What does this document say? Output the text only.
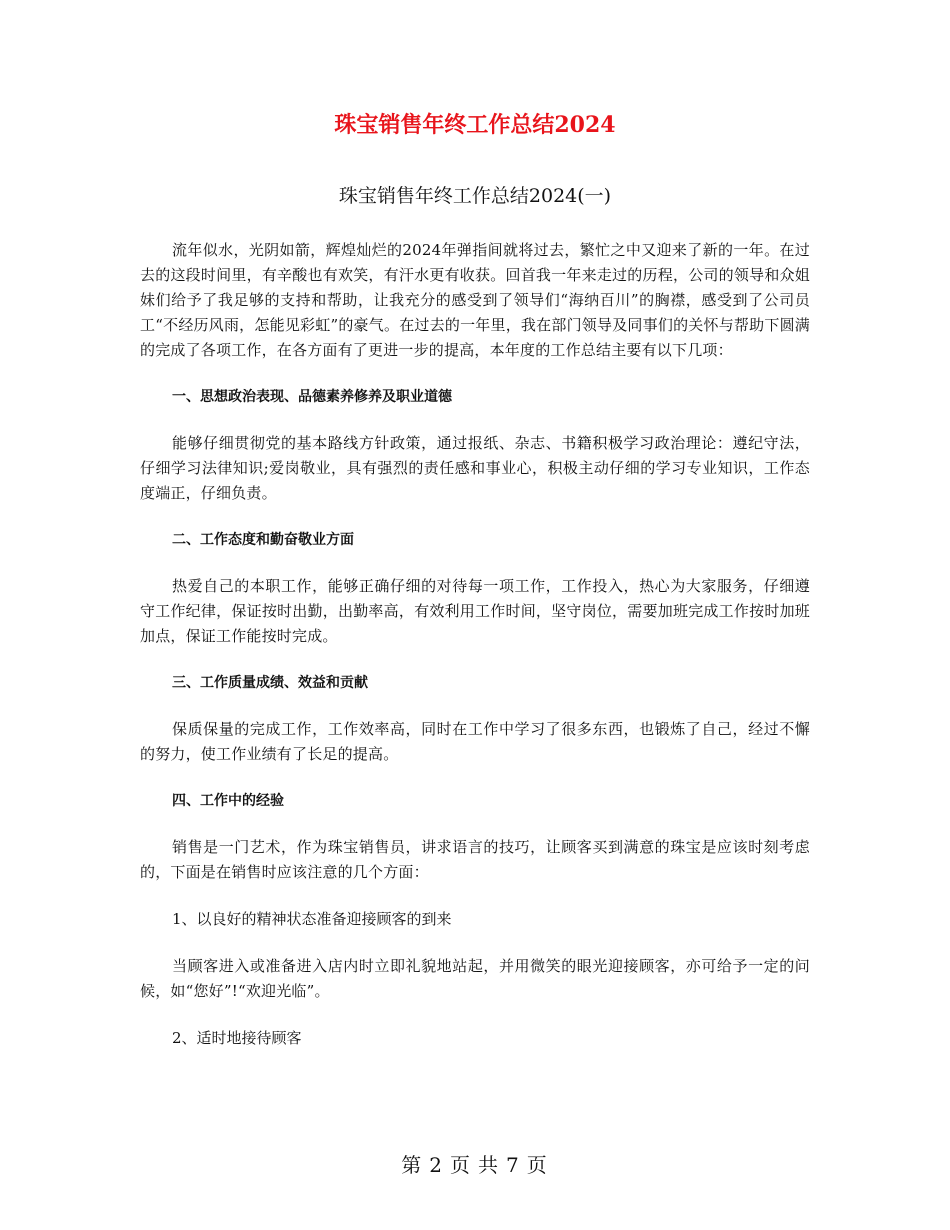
珠宝销售年终工作总结2024
珠宝销售年终工作总结2024(一)

流年似水，光阴如箭，辉煌灿烂的2024年弹指间就将过去，繁忙之中又迎来了新的一年。在过去的这段时间里，有辛酸也有欢笑，有汗水更有收获。回首我一年来走过的历程，公司的领导和众姐妹们给予了我足够的支持和帮助，让我充分的感受到了领导们“海纳百川”的胸襟，感受到了公司员工“不经历风雨，怎能见彩虹”的豪气。在过去的一年里，我在部门领导及同事们的关怀与帮助下圆满的完成了各项工作，在各方面有了更进一步的提高，本年度的工作总结主要有以下几项：

一、思想政治表现、品德素养修养及职业道德

能够仔细贯彻党的基本路线方针政策，通过报纸、杂志、书籍积极学习政治理论：遵纪守法，仔细学习法律知识;爱岗敬业，具有强烈的责任感和事业心，积极主动仔细的学习专业知识，工作态度端正，仔细负责。

二、工作态度和勤奋敬业方面

热爱自己的本职工作，能够正确仔细的对待每一项工作，工作投入，热心为大家服务，仔细遵守工作纪律，保证按时出勤，出勤率高，有效利用工作时间，坚守岗位，需要加班完成工作按时加班加点，保证工作能按时完成。

三、工作质量成绩、效益和贡献

保质保量的完成工作，工作效率高，同时在工作中学习了很多东西，也锻炼了自己，经过不懈的努力，使工作业绩有了长足的提高。

四、工作中的经验

销售是一门艺术，作为珠宝销售员，讲求语言的技巧，让顾客买到满意的珠宝是应该时刻考虑的，下面是在销售时应该注意的几个方面：

1、以良好的精神状态准备迎接顾客的到来

当顾客进入或准备进入店内时立即礼貌地站起，并用微笑的眼光迎接顾客，亦可给予一定的问候，如“您好”!“欢迎光临”。

2、适时地接待顾客
第 2 页 共 7 页
